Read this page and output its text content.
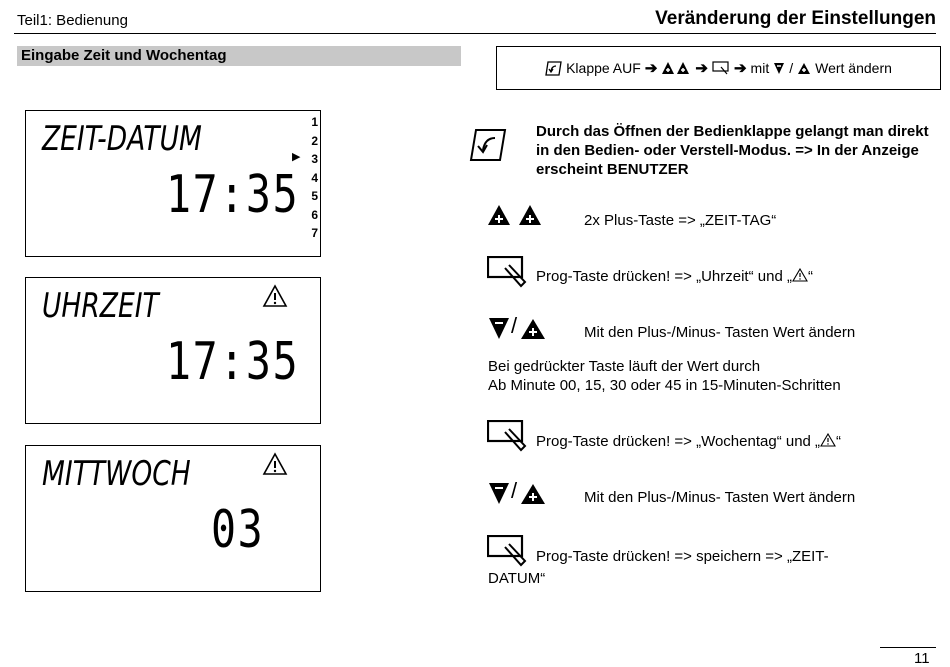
Teil1: Bedienung	Veränderung der Einstellungen
Eingabe Zeit und Wochentag
Klappe AUF ➔	➔ ➔ mit / Wert ändern
ZEIT-DATUM
17:35
1
2
3
4
5
6
7
▶
UHRZEIT
17:35
MITTWOCH
03
Durch das Öffnen der Bedienklappe gelangt man direkt in den Bedien- oder Verstell-Modus. => In der Anzeige erscheint BENUTZER
2x Plus-Taste => „ZEIT-TAG“
Prog-Taste drücken! => „Uhrzeit“ und „ “
/	Mit den Plus-/Minus- Tasten Wert ändern
Bei gedrückter Taste läuft der Wert durch
Ab Minute 00, 15, 30 oder 45 in 15-Minuten-Schritten
Prog-Taste drücken! => „Wochentag“ und „ “
/	Mit den Plus-/Minus- Tasten Wert ändern
Prog-Taste drücken! => speichern => „ZEIT-
DATUM“
11
